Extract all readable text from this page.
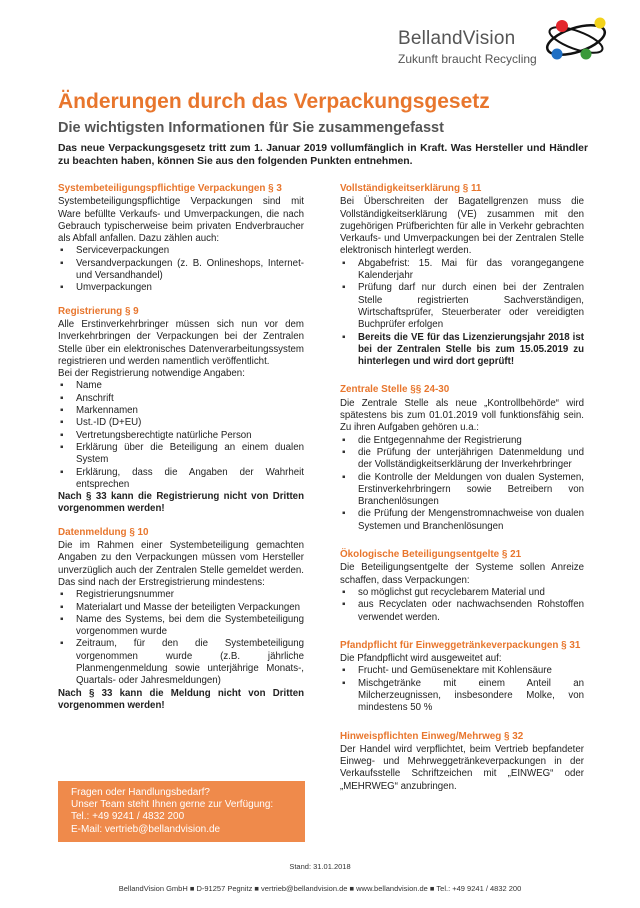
BellandVision
Zukunft braucht Recycling
Änderungen durch das Verpackungsgesetz
Die wichtigsten Informationen für Sie zusammengefasst

Das neue Verpackungsgesetz tritt zum 1. Januar 2019 vollumfänglich in Kraft. Was Hersteller und Händler zu beachten haben, können Sie aus den folgenden Punkten entnehmen.

Systembeteiligungspflichtige Verpackungen § 3

Systembeteiligungspflichtige Verpackungen sind mit Ware befüllte Verkaufs- und Umverpackungen, die nach Gebrauch typischerweise beim privaten Endverbraucher als Abfall anfallen. Dazu zählen auch:

▪ Serviceverpackungen
▪ Versandverpackungen (z. B. Onlineshops, Internet- und Versandhandel)
▪ Umverpackungen
Registrierung § 9

Alle Erstinverkehrbringer müssen sich nun vor dem Inverkehrbringen der Verpackungen bei der Zentralen Stelle über ein elektronisches Datenverarbeitungssystem registrieren und werden namentlich veröffentlicht.

Bei der Registrierung notwendige Angaben:

▪ Name
▪ Anschrift
▪ Markennamen
▪ Ust.-ID (D+EU)
▪ Vertretungsberechtigte natürliche Person
▪ Erklärung über die Beteiligung an einem dualen System
▪ Erklärung, dass die Angaben der Wahrheit entsprechen

Nach § 33 kann die Registrierung nicht von Dritten vorgenommen werden!

Datenmeldung § 10

Die im Rahmen einer Systembeteiligung gemachten Angaben zu den Verpackungen müssen vom Hersteller unverzüglich auch der Zentralen Stelle gemeldet werden. Das sind nach der Erstregistrierung mindestens:

▪ Registrierungsnummer
▪ Materialart und Masse der beteiligten Verpackungen
▪ Name des Systems, bei dem die Systembeteiligung vorgenommen wurde
▪ Zeitraum, für den die Systembeteiligung vorgenommen wurde (z.B. jährliche Planmengenmeldung sowie unterjährige Monats-, Quartals- oder Jahresmeldungen)

Nach § 33 kann die Meldung nicht von Dritten vorgenommen werden!

Vollständigkeitserklärung § 11

Bei Überschreiten der Bagatellgrenzen muss die Vollständigkeitserklärung (VE) zusammen mit den zugehörigen Prüfberichten für alle in Verkehr gebrachten Verkaufs- und Umverpackungen bei der Zentralen Stelle elektronisch hinterlegt werden.

▪ Abgabefrist: 15. Mai für das vorangegangene Kalenderjahr
▪ Prüfung darf nur durch einen bei der Zentralen Stelle registrierten Sachverständigen, Wirtschaftsprüfer, Steuerberater oder vereidigten Buchprüfer erfolgen
▪ Bereits die VE für das Lizenzierungsjahr 2018 ist bei der Zentralen Stelle bis zum 15.05.2019 zu hinterlegen und wird dort geprüft!
Zentrale Stelle §§ 24-30

Die Zentrale Stelle als neue „Kontrollbehörde“ wird spätestens bis zum 01.01.2019 voll funktionsfähig sein. Zu ihren Aufgaben gehören u.a.:

▪ die Entgegennahme der Registrierung
▪ die Prüfung der unterjährigen Datenmeldung und der Vollständigkeitserklärung der Inverkehrbringer
▪ die Kontrolle der Meldungen von dualen Systemen, Erstinverkehrbringern sowie Betreibern von Branchenlösungen
▪ die Prüfung der Mengenstromnachweise von dualen Systemen und Branchenlösungen
Ökologische Beteiligungsentgelte § 21

Die Beteiligungsentgelte der Systeme sollen Anreize schaffen, dass Verpackungen:

▪ so möglichst gut recyclebarem Material und
▪ aus Recyclaten oder nachwachsenden Rohstoffen verwendet werden.
Pfandpflicht für Einweggetränkeverpackungen § 31

Die Pfandpflicht wird ausgeweitet auf:

▪ Frucht- und Gemüsenektare mit Kohlensäure
▪ Mischgetränke mit einem Anteil an Milcherzeugnissen, insbesondere Molke, von mindestens 50 %
Hinweispflichten Einweg/Mehrweg § 32

Der Handel wird verpflichtet, beim Vertrieb bepfandeter Einweg- und Mehrweggetränkeverpackungen in der Verkaufsstelle Schriftzeichen mit „EINWEG“ oder „MEHRWEG“ anzubringen.

Fragen oder Handlungsbedarf?
Unser Team steht Ihnen gerne zur Verfügung:
Tel.: +49 9241 / 4832 200
E-Mail: vertrieb@bellandvision.de
Stand: 31.01.2018
BellandVision GmbH ■ D-91257 Pegnitz ■ vertrieb@bellandvision.de ■ www.bellandvision.de ■ Tel.: +49 9241 / 4832 200
